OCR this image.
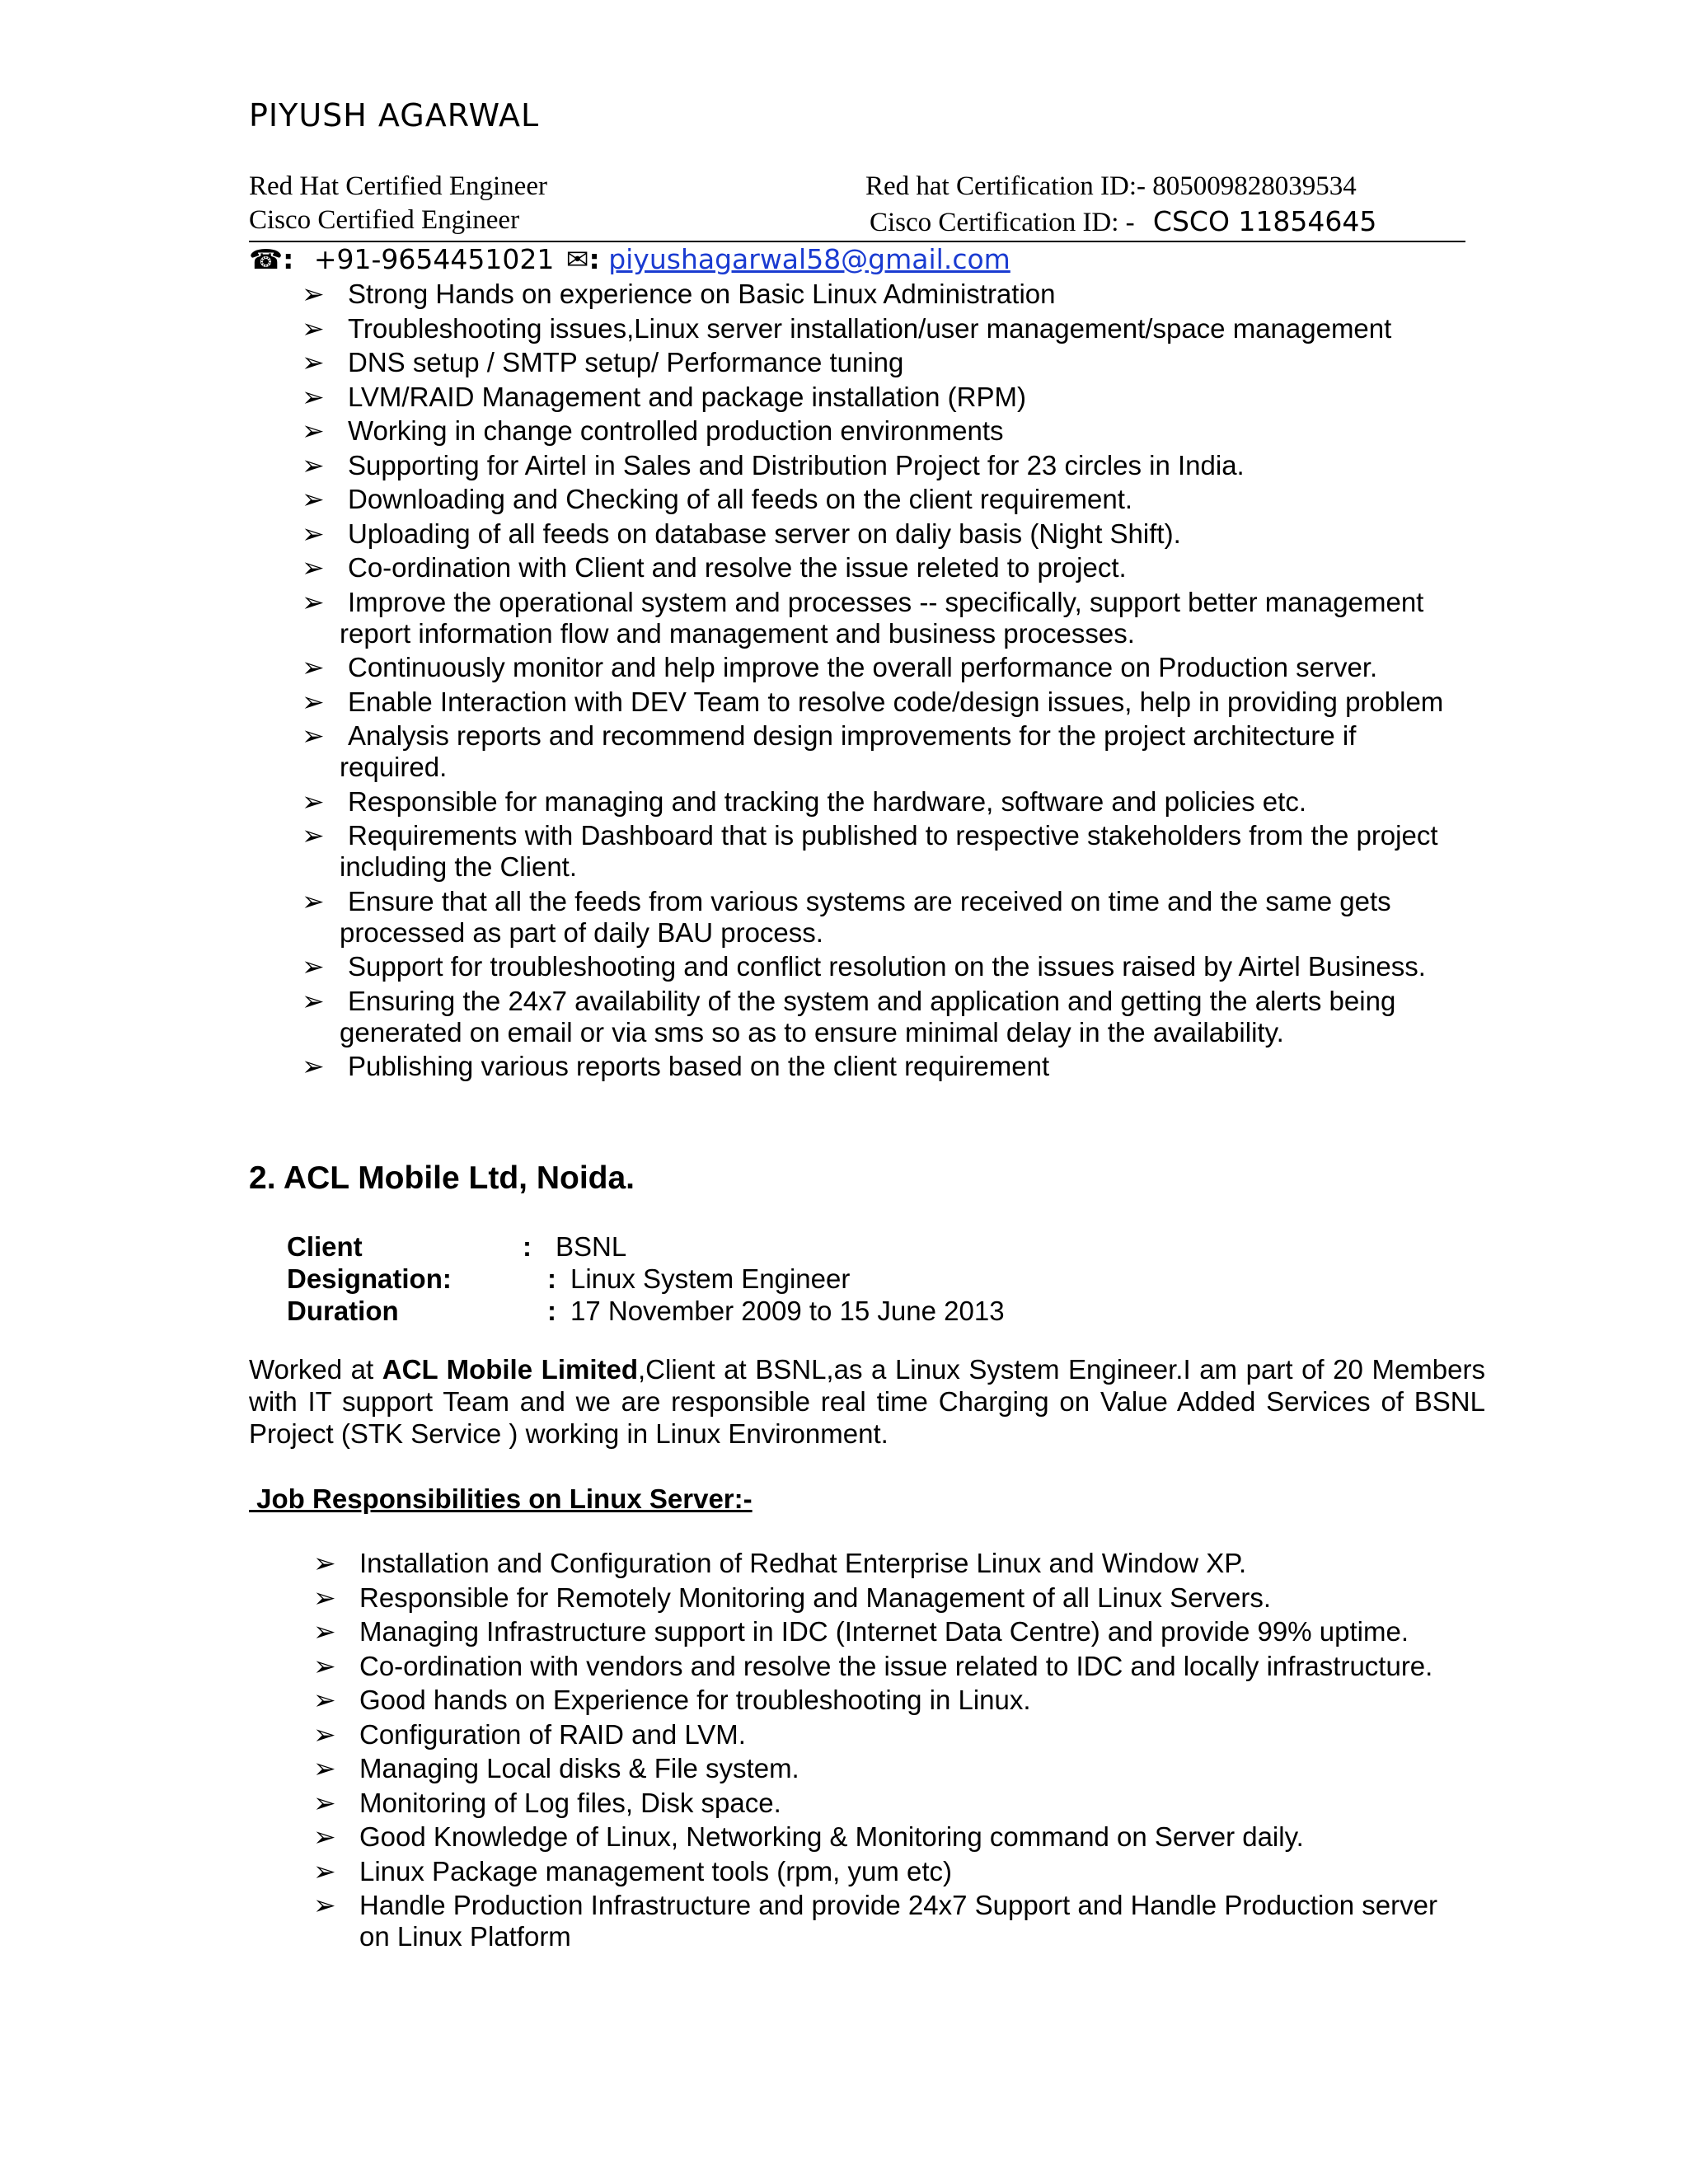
PIYUSH AGARWAL
Red Hat Certified Engineer	Red hat Certification ID:- 805009828039534
Cisco Certified Engineer	Cisco Certification ID: - CSCO 11854645
☎: +91-9654451021 ✉: piyushagarwal58@gmail.com
➢ Strong Hands on experience on Basic Linux Administration
➢ Troubleshooting issues,Linux server installation/user management/space management
➢ DNS setup / SMTP setup/ Performance tuning
➢ LVM/RAID Management and package installation (RPM)
➢ Working in change controlled production environments
➢ Supporting for Airtel in Sales and Distribution Project for 23 circles in India.
➢ Downloading and Checking of all feeds on the client requirement.
➢ Uploading of all feeds on database server on daliy basis (Night Shift).
➢ Co-ordination with Client and resolve the issue releted to project.
➢ Improve the operational system and processes -- specifically, support better management
report information flow and management and business processes.
➢ Continuously monitor and help improve the overall performance on Production server.
➢ Enable Interaction with DEV Team to resolve code/design issues, help in providing problem
➢ Analysis reports and recommend design improvements for the project architecture if
required.
➢ Responsible for managing and tracking the hardware, software and policies etc.
➢ Requirements with Dashboard that is published to respective stakeholders from the project
including the Client.
➢ Ensure that all the feeds from various systems are received on time and the same gets
processed as part of daily BAU process.
➢ Support for troubleshooting and conflict resolution on the issues raised by Airtel Business.
➢ Ensuring the 24x7 availability of the system and application and getting the alerts being
generated on email or via sms so as to ensure minimal delay in the availability.
➢ Publishing various reports based on the client requirement
2. ACL Mobile Ltd, Noida.
Client	: BSNL
Designation:	: Linux System Engineer
Duration	: 17 November 2009 to 15 June 2013
Worked at ACL Mobile Limited,Client at BSNL,as a Linux System Engineer.I am part of 20 Members with IT support Team and we are responsible real time Charging on Value Added Services of BSNL Project (STK Service ) working in Linux Environment.
Job Responsibilities on Linux Server:-
➢ Installation and Configuration of Redhat Enterprise Linux and Window XP.
➢ Responsible for Remotely Monitoring and Management of all Linux Servers.
➢ Managing Infrastructure support in IDC (Internet Data Centre) and provide 99% uptime.
➢ Co-ordination with vendors and resolve the issue related to IDC and locally infrastructure.
➢ Good hands on Experience for troubleshooting in Linux.
➢ Configuration of RAID and LVM.
➢ Managing Local disks & File system.
➢ Monitoring of Log files, Disk space.
➢ Good Knowledge of Linux, Networking & Monitoring command on Server daily.
➢ Linux Package management tools (rpm, yum etc)
➢ Handle Production Infrastructure and provide 24x7 Support and Handle Production server
on Linux Platform
